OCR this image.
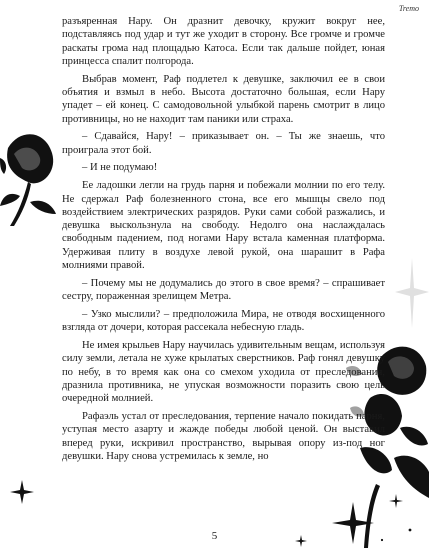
Tremo

разъяренная Нару. Он дразнит девочку, кружит вокруг нее, подставляясь под удар и тут же уходит в сторону. Все громче и громче раскаты грома над площадью Катоса. Если так дальше пойдет, юная принцесса спалит полгорода.

Выбрав момент, Раф подлетел к девушке, заключил ее в свои объятия и взмыл в небо. Высота достаточно большая, если Нару упадет – ей конец. С самодовольной улыбкой парень смотрит в лицо противницы, но не находит там паники или страха.

– Сдавайся, Нару! – приказывает он. – Ты же знаешь, что проиграла этот бой.

– И не подумаю!

Ее ладошки легли на грудь парня и побежали молнии по его телу. Не сдержал Раф болезненного стона, все его мышцы свело под воздействием электрических разрядов. Руки сами собой разжались, и девушка выскользнула на свободу. Недолго она наслаждалась свободным падением, под ногами Нару встала каменная платформа. Удерживая плиту в воздухе левой рукой, она шарашит в Рафа молниями правой.

– Почему мы не додумались до этого в свое время? – спрашивает сестру, пораженная зрелищем Метра.

– Узко мыслили? – предположила Мира, не отводя восхищенного взгляда от дочери, которая рассекала небесную гладь.

Не имея крыльев Нару научилась удивительным вещам, используя силу земли, летала не хуже крылатых сверстников. Раф гонял девушку по небу, в то время как она со смехом уходила от преследования, дразнила противника, не упуская возможности поразить свою цель очередной молнией.

Рафаэль устал от преследования, терпение начало покидать парня, уступая место азарту и жажде победы любой ценой. Он выставил вперед руки, искривил пространство, вырывая опору из-под ног девушки. Нару снова устремилась к земле, но

5
